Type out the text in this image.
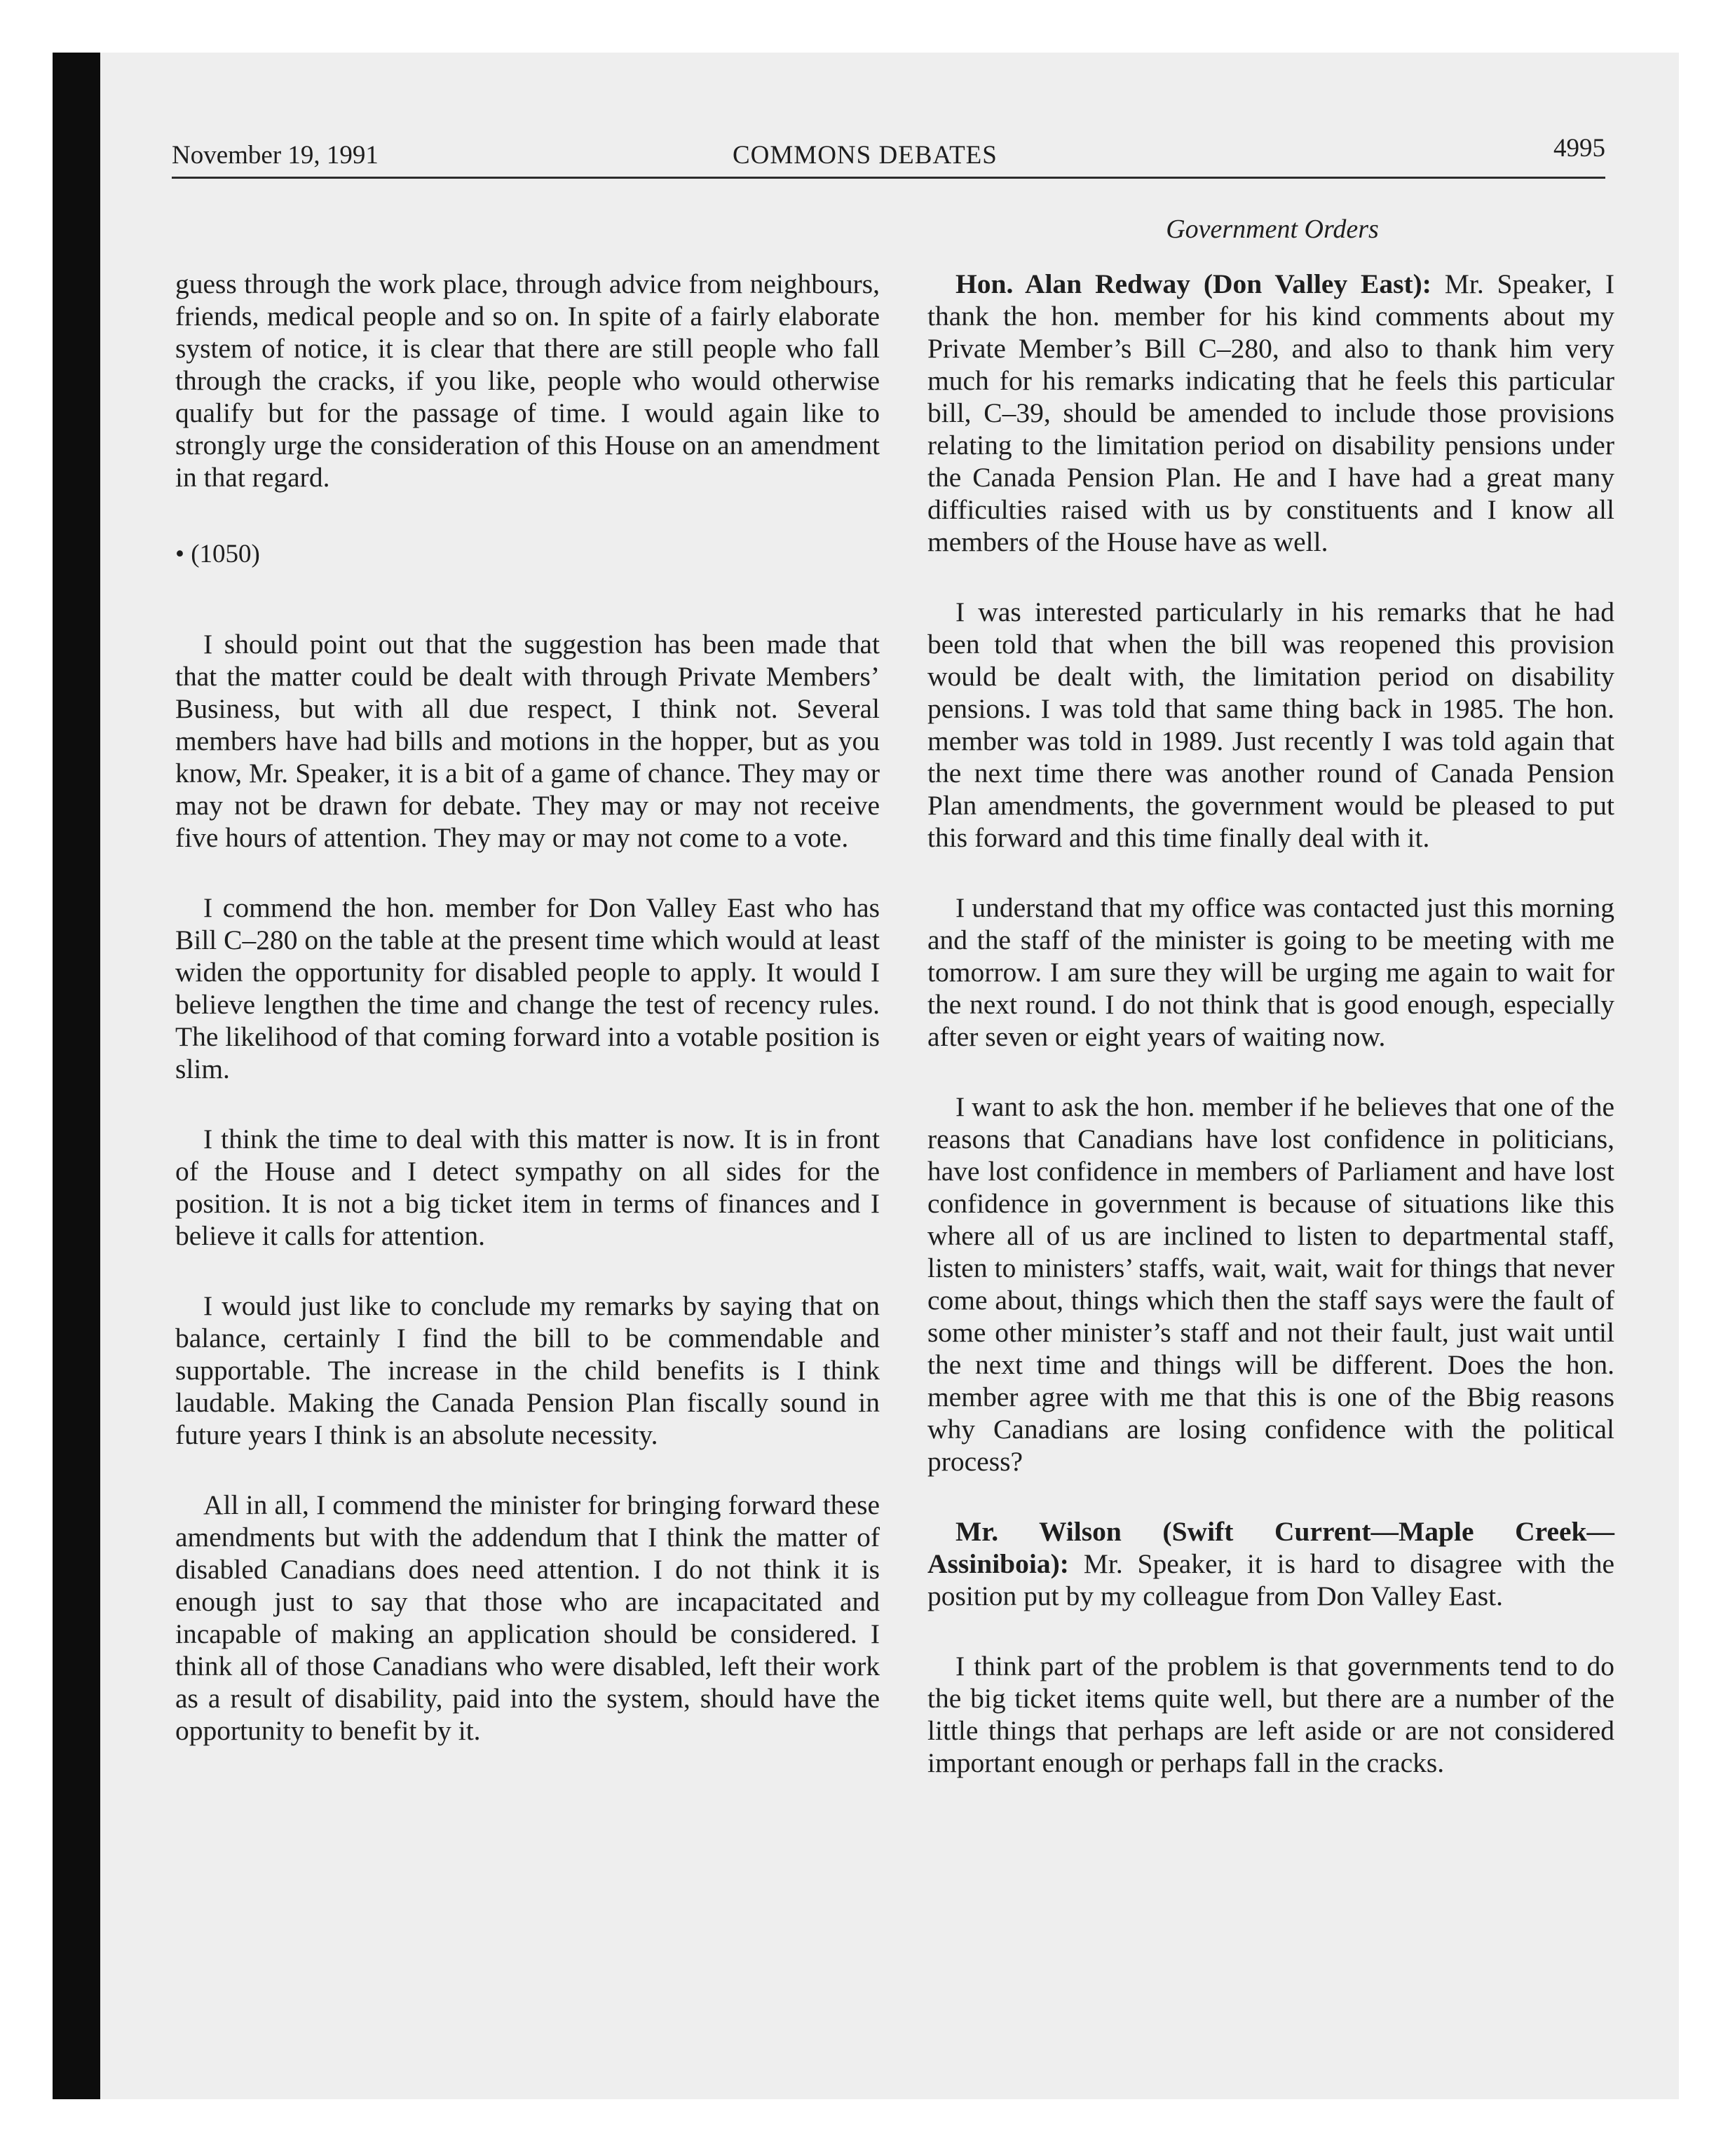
November 19, 1991	COMMONS DEBATES	4995
Government Orders

guess through the work place, through advice from neighbours, friends, medical people and so on. In spite of a fairly elaborate system of notice, it is clear that there are still people who fall through the cracks, if you like, people who would otherwise qualify but for the passage of time. I would again like to strongly urge the consideration of this House on an amendment in that regard.

• (1050)

I should point out that the suggestion has been made that that the matter could be dealt with through Private Members’ Business, but with all due respect, I think not. Several members have had bills and motions in the hopper, but as you know, Mr. Speaker, it is a bit of a game of chance. They may or may not be drawn for debate. They may or may not receive five hours of attention. They may or may not come to a vote.

I commend the hon. member for Don Valley East who has Bill C–280 on the table at the present time which would at least widen the opportunity for disabled people to apply. It would I believe lengthen the time and change the test of recency rules. The likelihood of that coming forward into a votable position is slim.

I think the time to deal with this matter is now. It is in front of the House and I detect sympathy on all sides for the position. It is not a big ticket item in terms of finances and I believe it calls for attention.

I would just like to conclude my remarks by saying that on balance, certainly I find the bill to be commendable and supportable. The increase in the child benefits is I think laudable. Making the Canada Pension Plan fiscally sound in future years I think is an absolute necessity.

All in all, I commend the minister for bringing forward these amendments but with the addendum that I think the matter of disabled Canadians does need attention. I do not think it is enough just to say that those who are incapacitated and incapable of making an application should be considered. I think all of those Canadians who were disabled, left their work as a result of disability, paid into the system, should have the opportunity to benefit by it.

Hon. Alan Redway (Don Valley East): Mr. Speaker, I thank the hon. member for his kind comments about my Private Member’s Bill C–280, and also to thank him very much for his remarks indicating that he feels this particular bill, C–39, should be amended to include those provisions relating to the limitation period on disability pensions under the Canada Pension Plan. He and I have had a great many difficulties raised with us by constituents and I know all members of the House have as well.

I was interested particularly in his remarks that he had been told that when the bill was reopened this provision would be dealt with, the limitation period on disability pensions. I was told that same thing back in 1985. The hon. member was told in 1989. Just recently I was told again that the next time there was another round of Canada Pension Plan amendments, the government would be pleased to put this forward and this time finally deal with it.

I understand that my office was contacted just this morning and the staff of the minister is going to be meeting with me tomorrow. I am sure they will be urging me again to wait for the next round. I do not think that is good enough, especially after seven or eight years of waiting now.

I want to ask the hon. member if he believes that one of the reasons that Canadians have lost confidence in politicians, have lost confidence in members of Parliament and have lost confidence in government is because of situations like this where all of us are inclined to listen to departmental staff, listen to ministers’ staffs, wait, wait, wait for things that never come about, things which then the staff says were the fault of some other minister’s staff and not their fault, just wait until the next time and things will be different. Does the hon. member agree with me that this is one of the Bbig reasons why Canadians are losing confidence with the political process?

Mr. Wilson (Swift Current—Maple Creek—Assiniboia): Mr. Speaker, it is hard to disagree with the position put by my colleague from Don Valley East.

I think part of the problem is that governments tend to do the big ticket items quite well, but there are a number of the little things that perhaps are left aside or are not considered important enough or perhaps fall in the cracks.
